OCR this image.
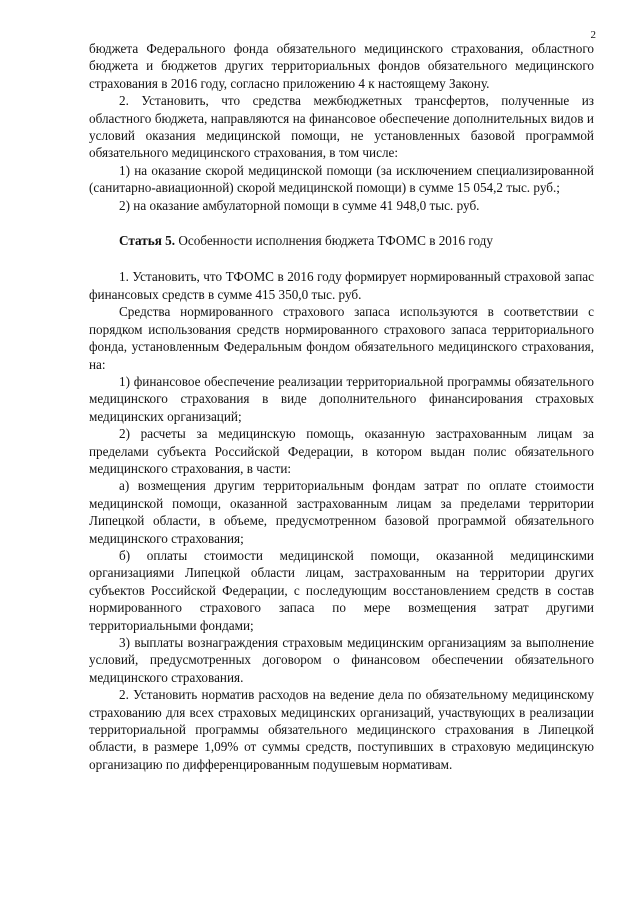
2

бюджета Федерального фонда обязательного медицинского страхования, областного бюджета и бюджетов других территориальных фондов обязательного медицинского страхования в 2016 году, согласно приложению 4 к настоящему Закону.

2. Установить, что средства межбюджетных трансфертов, полученные из областного бюджета, направляются на финансовое обеспечение дополнительных видов и условий оказания медицинской помощи, не установленных базовой программой обязательного медицинского страхования, в том числе:

1) на оказание скорой медицинской помощи (за исключением специализированной (санитарно-авиационной) скорой медицинской помощи) в сумме 15 054,2 тыс. руб.;

2) на оказание амбулаторной помощи в сумме 41 948,0 тыс. руб.

Статья 5. Особенности исполнения бюджета ТФОМС в 2016 году

1. Установить, что ТФОМС в 2016 году формирует нормированный страховой запас финансовых средств в сумме 415 350,0 тыс. руб.

Средства нормированного страхового запаса используются в соответствии с порядком использования средств нормированного страхового запаса территориального фонда, установленным Федеральным фондом обязательного медицинского страхования, на:

1) финансовое обеспечение реализации территориальной программы обязательного медицинского страхования в виде дополнительного финансирования страховых медицинских организаций;

2) расчеты за медицинскую помощь, оказанную застрахованным лицам за пределами субъекта Российской Федерации, в котором выдан полис обязательного медицинского страхования, в части:

а) возмещения другим территориальным фондам затрат по оплате стоимости медицинской помощи, оказанной застрахованным лицам за пределами территории Липецкой области, в объеме, предусмотренном базовой программой обязательного медицинского страхования;

б) оплаты стоимости медицинской помощи, оказанной медицинскими организациями Липецкой области лицам, застрахованным на территории других субъектов Российской Федерации, с последующим восстановлением средств в состав нормированного страхового запаса по мере возмещения затрат другими территориальными фондами;

3) выплаты вознаграждения страховым медицинским организациям за выполнение условий, предусмотренных договором о финансовом обеспечении обязательного медицинского страхования.

2. Установить норматив расходов на ведение дела по обязательному медицинскому страхованию для всех страховых медицинских организаций, участвующих в реализации территориальной программы обязательного медицинского страхования в Липецкой области, в размере 1,09% от суммы средств, поступивших в страховую медицинскую организацию по дифференцированным подушевым нормативам.
